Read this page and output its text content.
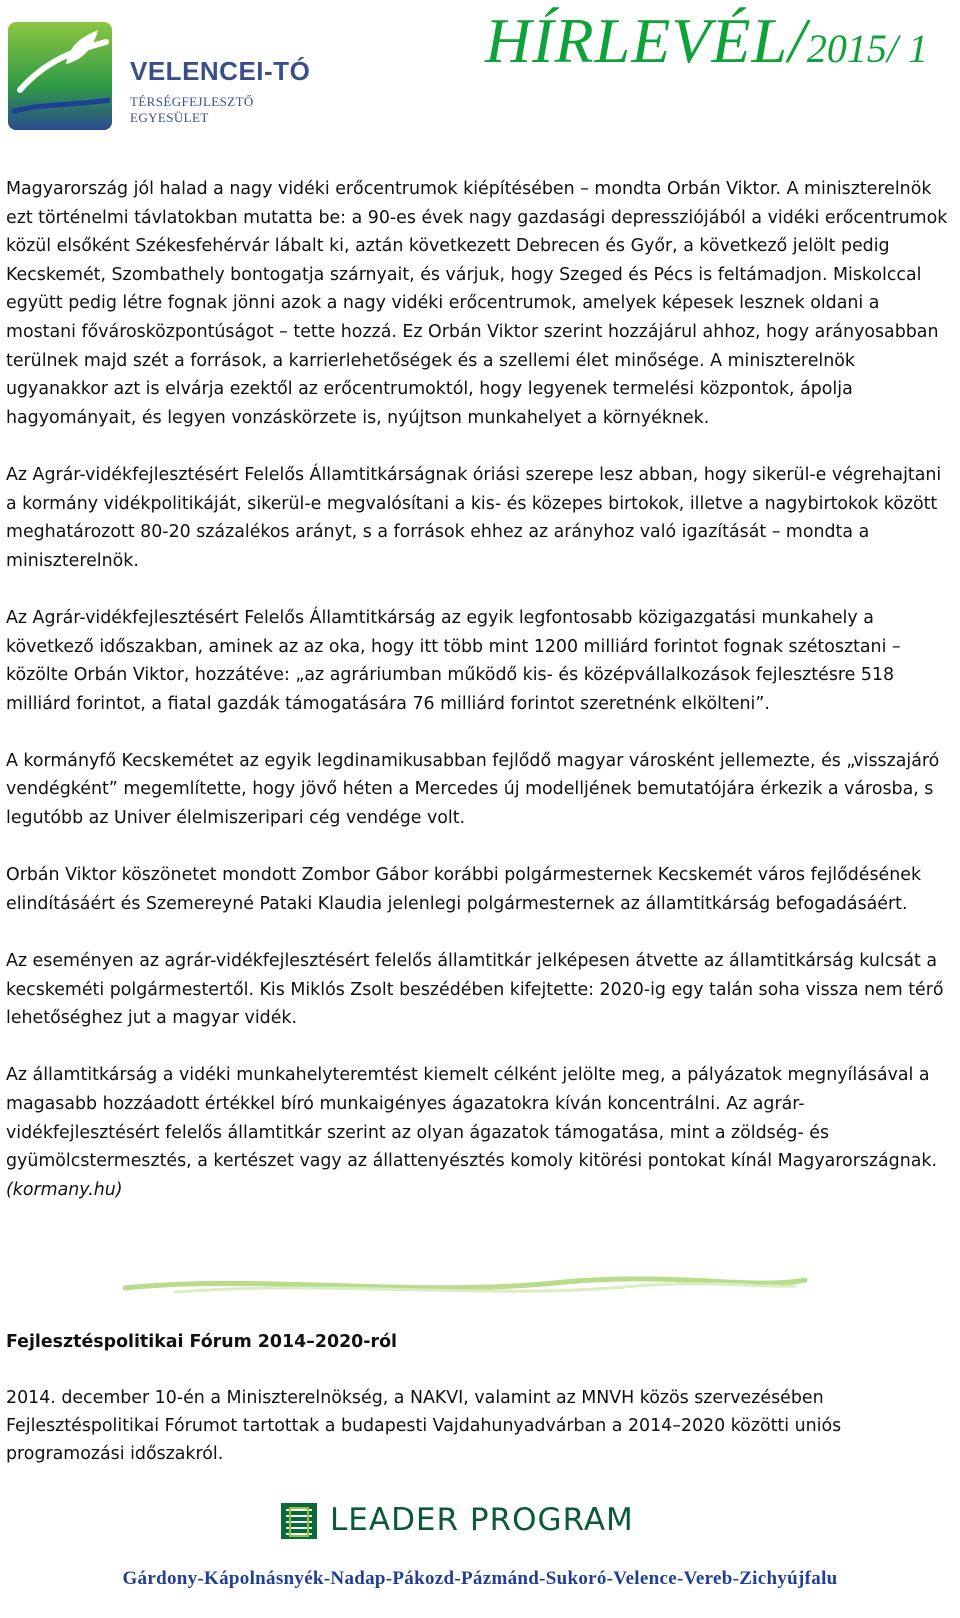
VELENCEI-TÓ
TÉRSÉGFEJLESZTŐ EGYESÜLET
HÍRLEVÉL/2015/ 1

Magyarország jól halad a nagy vidéki erőcentrumok kiépítésében – mondta Orbán Viktor. A miniszterelnök ezt történelmi távlatokban mutatta be: a 90-es évek nagy gazdasági depressziójából a vidéki erőcentrumok közül elsőként Székesfehérvár lábalt ki, aztán következett Debrecen és Győr, a következő jelölt pedig Kecskemét, Szombathely bontogatja szárnyait, és várjuk, hogy Szeged és Pécs is feltámadjon. Miskolccal együtt pedig létre fognak jönni azok a nagy vidéki erőcentrumok, amelyek képesek lesznek oldani a mostani fővárosközpontúságot – tette hozzá. Ez Orbán Viktor szerint hozzájárul ahhoz, hogy arányosabban terülnek majd szét a források, a karrierlehetőségek és a szellemi élet minősége. A miniszterelnök ugyanakkor azt is elvárja ezektől az erőcentrumoktól, hogy legyenek termelési központok, ápolja hagyományait, és legyen vonzáskörzete is, nyújtson munkahelyet a környéknek.

Az Agrár-vidékfejlesztésért Felelős Államtitkárságnak óriási szerepe lesz abban, hogy sikerül-e végrehajtani a kormány vidékpolitikáját, sikerül-e megvalósítani a kis- és közepes birtokok, illetve a nagybirtokok között meghatározott 80-20 százalékos arányt, s a források ehhez az arányhoz való igazítását – mondta a miniszterelnök.

Az Agrár-vidékfejlesztésért Felelős Államtitkárság az egyik legfontosabb közigazgatási munkahely a következő időszakban, aminek az az oka, hogy itt több mint 1200 milliárd forintot fognak szétosztani – közölte Orbán Viktor, hozzátéve: „az agráriumban működő kis- és középvállalkozások fejlesztésre 518 milliárd forintot, a fiatal gazdák támogatására 76 milliárd forintot szeretnénk elkölteni”.

A kormányfő Kecskemétet az egyik legdinamikusabban fejlődő magyar városként jellemezte, és „visszajáró vendégként” megemlítette, hogy jövő héten a Mercedes új modelljének bemutatójára érkezik a városba, s legutóbb az Univer élelmiszeripari cég vendége volt.

Orbán Viktor köszönetet mondott Zombor Gábor korábbi polgármesternek Kecskemét város fejlődésének elindításáért és Szemereyné Pataki Klaudia jelenlegi polgármesternek az államtitkárság befogadásáért.

Az eseményen az agrár-vidékfejlesztésért felelős államtitkár jelképesen átvette az államtitkárság kulcsát a kecskeméti polgármestertől. Kis Miklós Zsolt beszédében kifejtette: 2020-ig egy talán soha vissza nem térő lehetőséghez jut a magyar vidék.

Az államtitkárság a vidéki munkahelyteremtést kiemelt célként jelölte meg, a pályázatok megnyílásával a magasabb hozzáadott értékkel bíró munkaigényes ágazatokra kíván koncentrálni. Az agrár-vidékfejlesztésért felelős államtitkár szerint az olyan ágazatok támogatása, mint a zöldség- és gyümölcstermesztés, a kertészet vagy az állattenyésztés komoly kitörési pontokat kínál Magyarországnak. (kormany.hu)

Fejlesztéspolitikai Fórum 2014–2020-ról
2014. december 10-én a Miniszterelnökség, a NAKVI, valamint az MNVH közös szervezésében Fejlesztéspolitikai Fórumot tartottak a budapesti Vajdahunyadvárban a 2014–2020 közötti uniós programozási időszakról.
LEADER PROGRAM
Gárdony-Kápolnásnyék-Nadap-Pákozd-Pázmánd-Sukoró-Velence-Vereb-Zichyújfalu
